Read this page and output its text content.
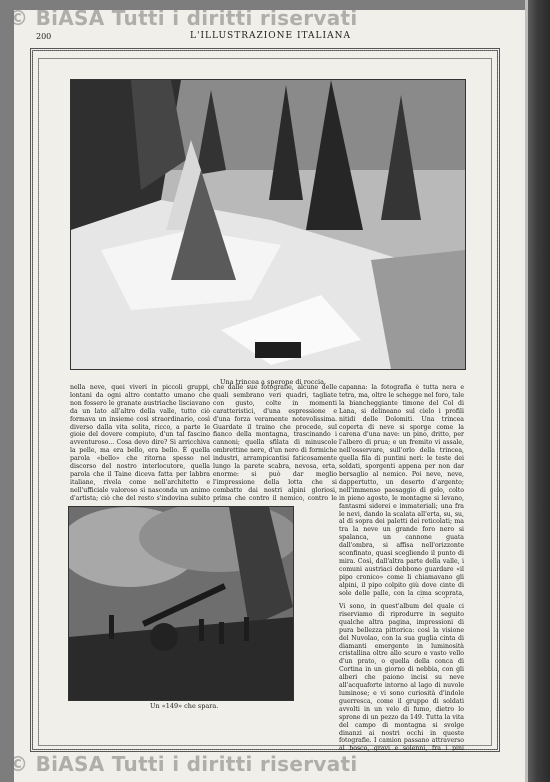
© BiASA Tutti i diritti riservati
200	L'ILLUSTRAZIONE ITALIANA
Una trincea a sperone di roccia.

nella neve, quei viveri in piccoli gruppi, lontani da ogni altro contatto umano che non fossero le granate austriache lisciavano da un lato all'altro della valle, tutto ciò formava un insieme così straordinario, così diverso dalla vita solita, ricco, a parte le gioie del dovere compiuto, d'un tal fascino avventuroso... Cosa devo dire? Si arricchiva la pelle, ma era bello, era bello. È quella parola «bello» che ritorna spesso nel discorso del nostro interlocutore, quella parola che il Taine diceva fatta per labbra italiane, rivela come nell'architetto e nell'ufficiale valoroso si nasconda un animo d'artista; ciò che del resto s'indovina subito

che dalle sue fotografie, alcune delle quali sembrano veri quadri, tagliate con gusto, colte in momenti caratteristici, d'una espressione e d'una forza veramente notevolissima. Guardate il traino che procede, sul fianco della montagna, trascinando i cannoni; quella sfilata di minuscole ombrettine nere, d'un nero di formiche industri, arrampicantisi faticosamente lungo la parete scabra, nevosa, erta, enorme: si può dar meglio l'impressione della lotta che si combatte dai nostri alpini gloriosi, prima che contro il nemico, contro le

capanna: la fotografia è tutta nera e tetra, ma, oltre le schegge nel foro, tale la biancheggiante timone del Col di Lana, si delineano sul cielo i profili nitidi delle Dolomiti. Una trincea coperta di neve si sporge come la carena d'una nave: un pino, dritto, per l'albero di prua; e un fremito vi assale, nell'osservare, sull'orlo della trincea, quella fila di puntini neri: le teste dei soldati, sporgenti appena per non dar bersaglio al nemico. Poi neve, neve, dappertutto, un deserto d'argento; nell'immenso paesaggio di gelo, colto in pieno agosto, le montagne si levano, fantasmi siderei e immateriali; una fra le nevi, dando la scalata all'erta, su, su, al di sopra dei paletti dei reticolati; ma tra la neve un grande foro nero si spalanca, un cannone guata dall'ombra, si affisa nell'orizzonte sconfinato, quasi scegliendo il punto di mira. Così, dall'altra parte della valle, i comuni austriaci debbono guardare «il pipo cronico» come li chiamavano gli alpini, il pipo colpito giù dove cinte di sole delle palle, con la cima scoprata,

Vi sono, in quest'album del quale ci riserviamo di riprodurre in seguito qualche altra pagina, impressioni di pura bellezza pittorica: così la visione del Nuvolao, con la sua guglia cinta di diamanti emergente in luminosità cristallina oltre allo scuro e vasto vello d'un prato, o quella della conca di Cortina in un giorno di nebbia, con gli alberi che paiono incisi su neve all'acquaforte intorno al lago di nuvole luminose; e vi sono curiosità d'indole guerresca, come il gruppo di soldati avvolti in un velo di fumo, dietro lo sprone di un pezzo da 149. Tutta la vita del campo di montagna si svolge dinanzi ai nostri occhi in queste fotografie. I camion passano attraverso al bosco, gravi e solenni, fra i pini

Un «149» che spara.
© BiASA Tutti i diritti riservati
